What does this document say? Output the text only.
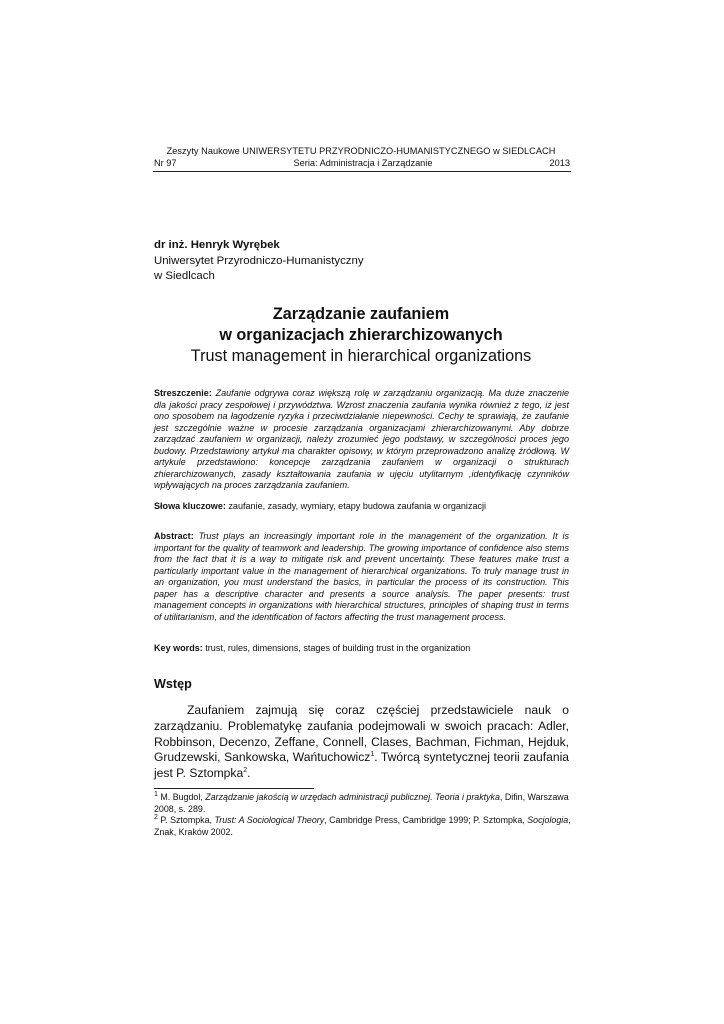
Zeszyty Naukowe UNIWERSYTETU PRZYRODNICZO-HUMANISTYCZNEGO w SIEDLCACH
Nr 97	Seria: Administracja i Zarządzanie	2013
dr inż. Henryk Wyrębek
Uniwersytet Przyrodniczo-Humanistyczny
w Siedlcach
Zarządzanie zaufaniem
w organizacjach zhierarchizowanych
Trust management in hierarchical organizations
Streszczenie: Zaufanie odgrywa coraz większą rolę w zarządzaniu organizacją. Ma duże znaczenie dla jakości pracy zespołowej i przywództwa. Wzrost znaczenia zaufania wynika również z tego, iż jest ono sposobem na łagodzenie ryzyka i przeciwdziałanie niepewności. Cechy te sprawiają, że zaufanie jest szczególnie ważne w procesie zarządzania organizacjami zhierarchizowanymi. Aby dobrze zarządzać zaufaniem w organizacji, należy zrozumieć jego podstawy, w szczególności proces jego budowy. Przedstawiony artykuł ma charakter opisowy, w którym przeprowadzono analizę źródłową. W artykule przedstawiono: koncepcje zarządzania zaufaniem w organizacji o strukturach zhierarchizowanych, zasady kształtowania zaufania w ujęciu utylitarnym ,identyfikację czynników wpływających na proces zarządzania zaufaniem.
Słowa kluczowe: zaufanie, zasady, wymiary, etapy budowa zaufania w organizacji
Abstract: Trust plays an increasingly important role in the management of the organization. It is important for the quality of teamwork and leadership. The growing importance of confidence also stems from the fact that it is a way to mitigate risk and prevent uncertainty. These features make trust a particularly important value in the management of hierarchical organizations. To truly manage trust in an organization, you must understand the basics, in particular the process of its construction. This paper has a descriptive character and presents a source analysis. The paper presents: trust management concepts in organizations with hierarchical structures, principles of shaping trust in terms of utilitarianism, and the identification of factors affecting the trust management process.
Key words: trust, rules, dimensions, stages of building trust in the organization
Wstęp
Zaufaniem zajmują się coraz częściej przedstawiciele nauk o zarządzaniu. Problematykę zaufania podejmowali w swoich pracach: Adler, Robbinson, Decenzo, Zeffane, Connell, Clases, Bachman, Fichman, Hejduk, Grudzewski, Sankowska, Wańtuchowicz$^1$. Twórcą syntetycznej teorii zaufania jest P. Sztompka$^2$.

$^1$ M. Bugdol, Zarządzanie jakością w urzędach administracji publicznej. Teoria i praktyka, Difin, Warszawa 2008, s. 289.

$^2$ P. Sztompka, Trust: A Sociological Theory, Cambridge Press, Cambridge 1999; P. Sztompka, Socjologia, Znak, Kraków 2002.
